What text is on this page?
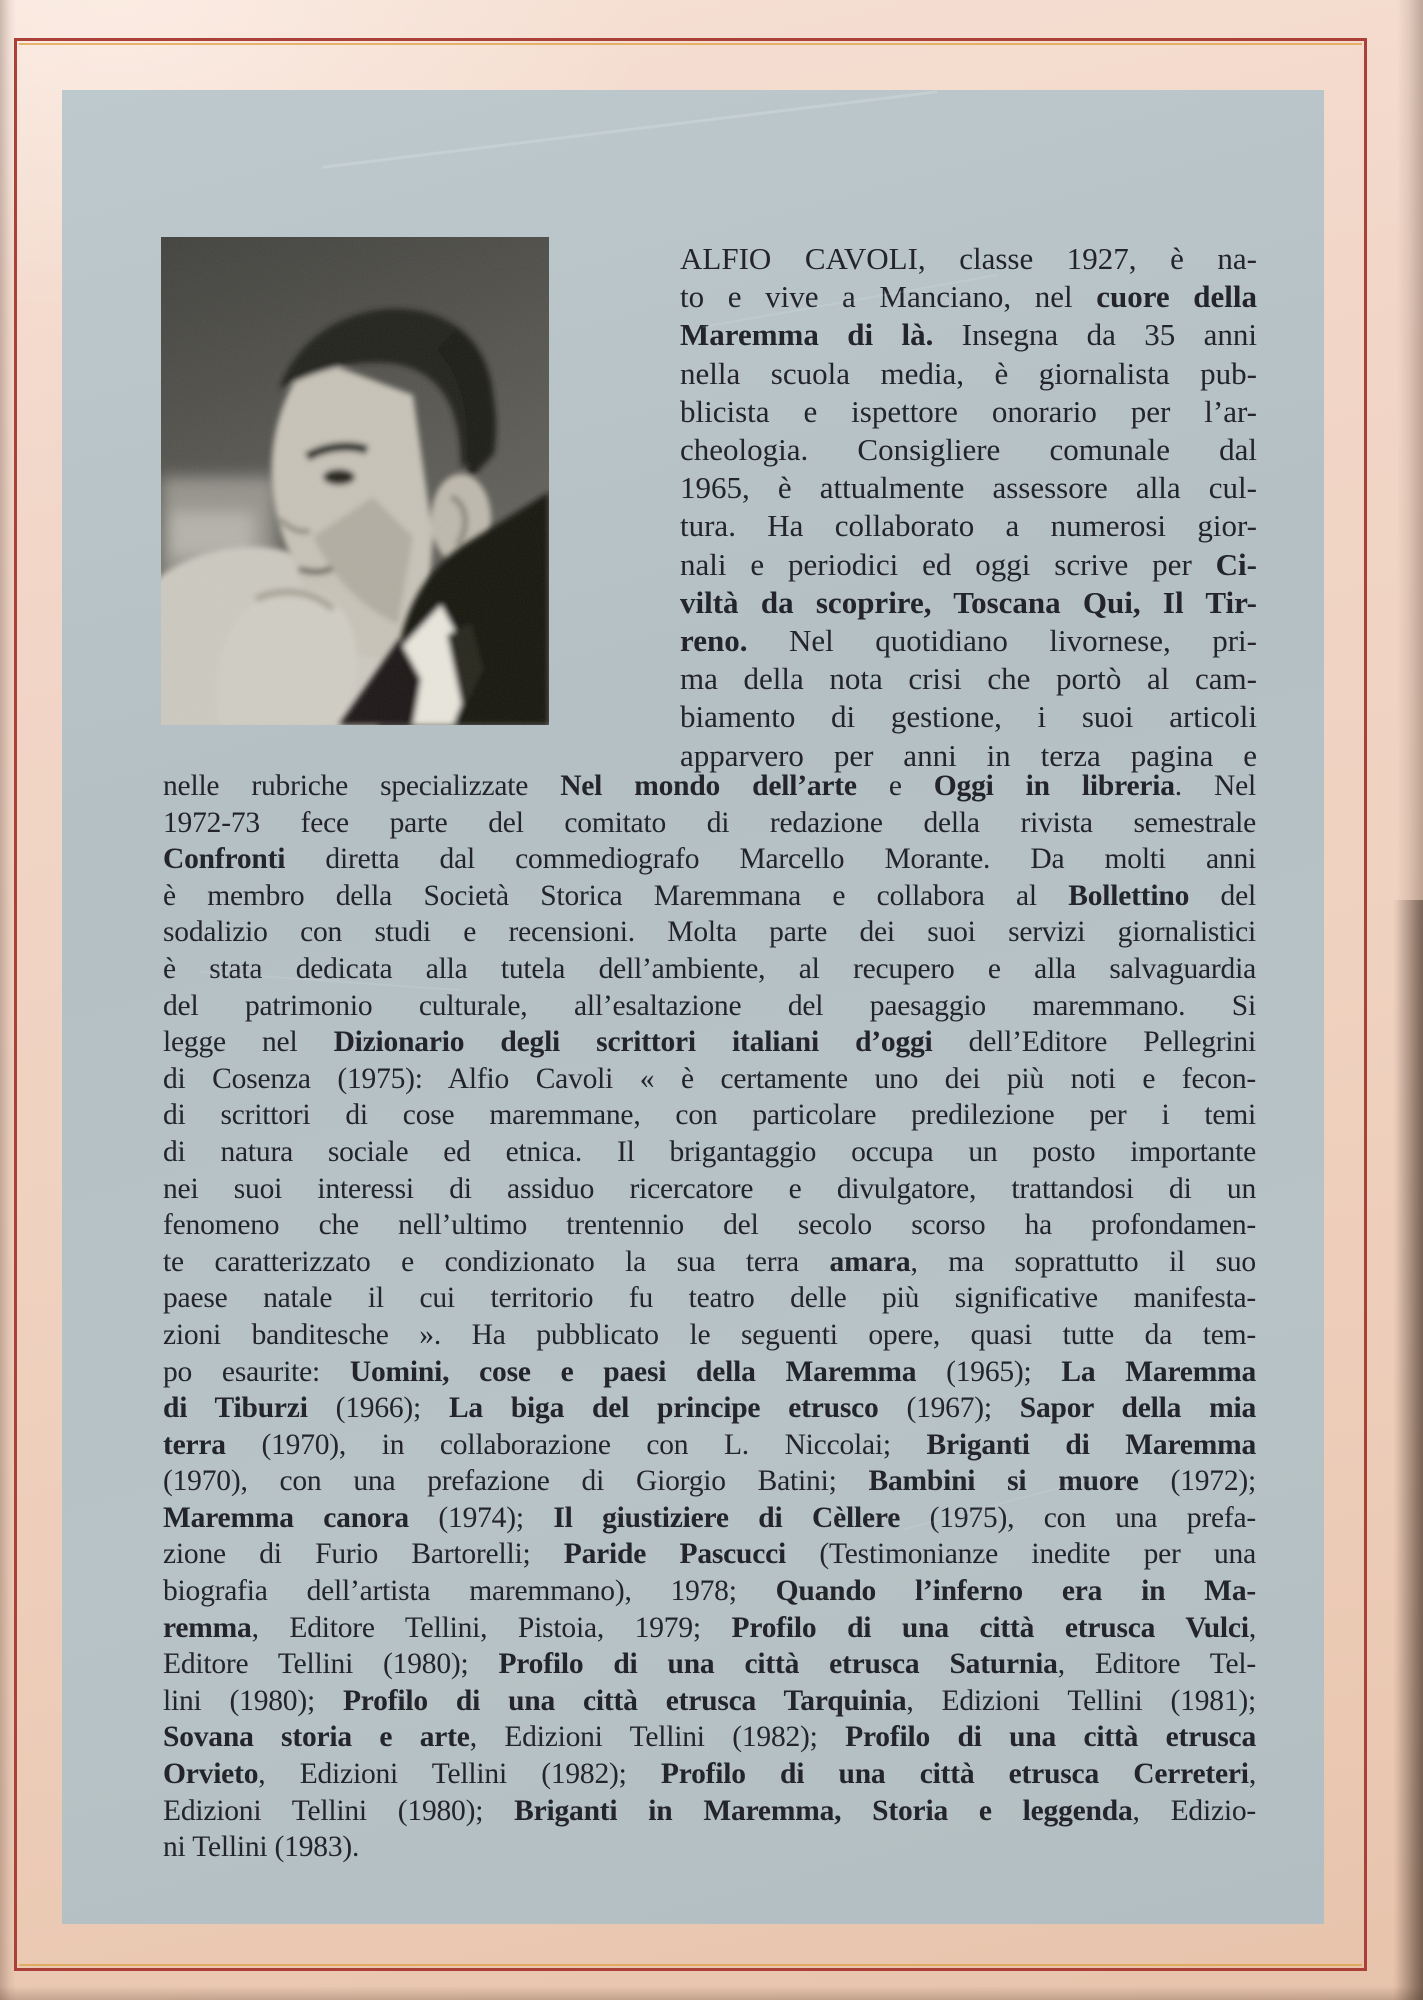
ALFIO CAVOLI, classe 1927, è na-
to e vive a Manciano, nel cuore della
Maremma di là. Insegna da 35 anni
nella scuola media, è giornalista pub-
blicista e ispettore onorario per l’ar-
cheologia. Consigliere comunale dal
1965, è attualmente assessore alla cul-
tura. Ha collaborato a numerosi gior-
nali e periodici ed oggi scrive per Ci-
viltà da scoprire, Toscana Qui, Il Tir-
reno. Nel quotidiano livornese, pri-
ma della nota crisi che portò al cam-
biamento di gestione, i suoi articoli
apparvero per anni in terza pagina e
nelle rubriche specializzate Nel mondo dell’arte e Oggi in libreria. Nel
1972-73 fece parte del comitato di redazione della rivista semestrale
Confronti diretta dal commediografo Marcello Morante. Da molti anni
è membro della Società Storica Maremmana e collabora al Bollettino del
sodalizio con studi e recensioni. Molta parte dei suoi servizi giornalistici
è stata dedicata alla tutela dell’ambiente, al recupero e alla salvaguardia
del patrimonio culturale, all’esaltazione del paesaggio maremmano. Si
legge nel Dizionario degli scrittori italiani d’oggi dell’Editore Pellegrini
di Cosenza (1975): Alfio Cavoli « è certamente uno dei più noti e fecon-
di scrittori di cose maremmane, con particolare predilezione per i temi
di natura sociale ed etnica. Il brigantaggio occupa un posto importante
nei suoi interessi di assiduo ricercatore e divulgatore, trattandosi di un
fenomeno che nell’ultimo trentennio del secolo scorso ha profondamen-
te caratterizzato e condizionato la sua terra amara, ma soprattutto il suo
paese natale il cui territorio fu teatro delle più significative manifesta-
zioni banditesche ». Ha pubblicato le seguenti opere, quasi tutte da tem-
po esaurite: Uomini, cose e paesi della Maremma (1965); La Maremma
di Tiburzi (1966); La biga del principe etrusco (1967); Sapor della mia
terra (1970), in collaborazione con L. Niccolai; Briganti di Maremma
(1970), con una prefazione di Giorgio Batini; Bambini si muore (1972);
Maremma canora (1974); Il giustiziere di Cèllere (1975), con una prefa-
zione di Furio Bartorelli; Paride Pascucci (Testimonianze inedite per una
biografia dell’artista maremmano), 1978; Quando l’inferno era in Ma-
remma, Editore Tellini, Pistoia, 1979; Profilo di una città etrusca Vulci,
Editore Tellini (1980); Profilo di una città etrusca Saturnia, Editore Tel-
lini (1980); Profilo di una città etrusca Tarquinia, Edizioni Tellini (1981);
Sovana storia e arte, Edizioni Tellini (1982); Profilo di una città etrusca
Orvieto, Edizioni Tellini (1982); Profilo di una città etrusca Cerreteri,
Edizioni Tellini (1980); Briganti in Maremma, Storia e leggenda, Edizio-
ni Tellini (1983).
